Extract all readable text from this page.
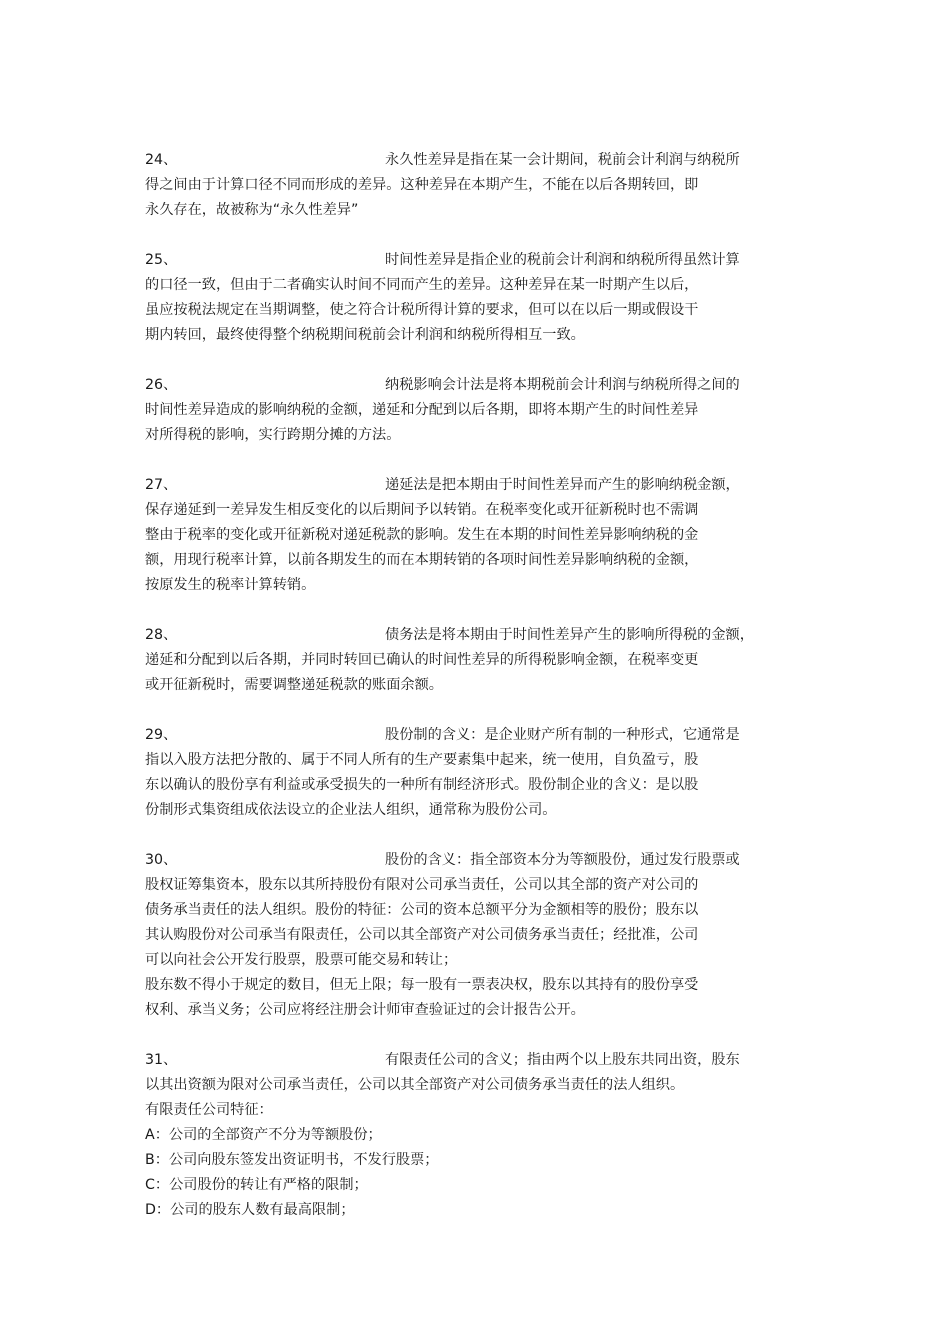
24、	永久性差异是指在某一会计期间，税前会计利润与纳税所
得之间由于计算口径不同而形成的差异。这种差异在本期产生，不能在以后各期转回，即
永久存在，故被称为“永久性差异”
25、	时间性差异是指企业的税前会计利润和纳税所得虽然计算
的口径一致，但由于二者确实认时间不同而产生的差异。这种差异在某一时期产生以后，
虽应按税法规定在当期调整，使之符合计税所得计算的要求，但可以在以后一期或假设干
期内转回，最终使得整个纳税期间税前会计利润和纳税所得相互一致。
26、	纳税影响会计法是将本期税前会计利润与纳税所得之间的
时间性差异造成的影响纳税的金额，递延和分配到以后各期，即将本期产生的时间性差异
对所得税的影响，实行跨期分摊的方法。
27、	递延法是把本期由于时间性差异而产生的影响纳税金额，
保存递延到一差异发生相反变化的以后期间予以转销。在税率变化或开征新税时也不需调
整由于税率的变化或开征新税对递延税款的影响。发生在本期的时间性差异影响纳税的金
额，用现行税率计算，以前各期发生的而在本期转销的各项时间性差异影响纳税的金额，
按原发生的税率计算转销。
28、	债务法是将本期由于时间性差异产生的影响所得税的金额，
递延和分配到以后各期，并同时转回已确认的时间性差异的所得税影响金额，在税率变更
或开征新税时，需要调整递延税款的账面余额。
29、	股份制的含义：是企业财产所有制的一种形式，它通常是
指以入股方法把分散的、属于不同人所有的生产要素集中起来，统一使用，自负盈亏，股
东以确认的股份享有利益或承受损失的一种所有制经济形式。股份制企业的含义：是以股
份制形式集资组成依法设立的企业法人组织，通常称为股份公司。
30、	股份的含义：指全部资本分为等额股份，通过发行股票或
股权证筹集资本，股东以其所持股份有限对公司承当责任，公司以其全部的资产对公司的
债务承当责任的法人组织。股份的特征：公司的资本总额平分为金额相等的股份；股东以
其认购股份对公司承当有限责任，公司以其全部资产对公司债务承当责任；经批准，公司
可以向社会公开发行股票，股票可能交易和转让；
股东数不得小于规定的数目，但无上限；每一股有一票表决权，股东以其持有的股份享受
权利、承当义务；公司应将经注册会计师审查验证过的会计报告公开。
31、	有限责任公司的含义；指由两个以上股东共同出资，股东
以其出资额为限对公司承当责任，公司以其全部资产对公司债务承当责任的法人组织。
有限责任公司特征：
A：公司的全部资产不分为等额股份；
B：公司向股东签发出资证明书，不发行股票；
C：公司股份的转让有严格的限制；
D：公司的股东人数有最高限制；
